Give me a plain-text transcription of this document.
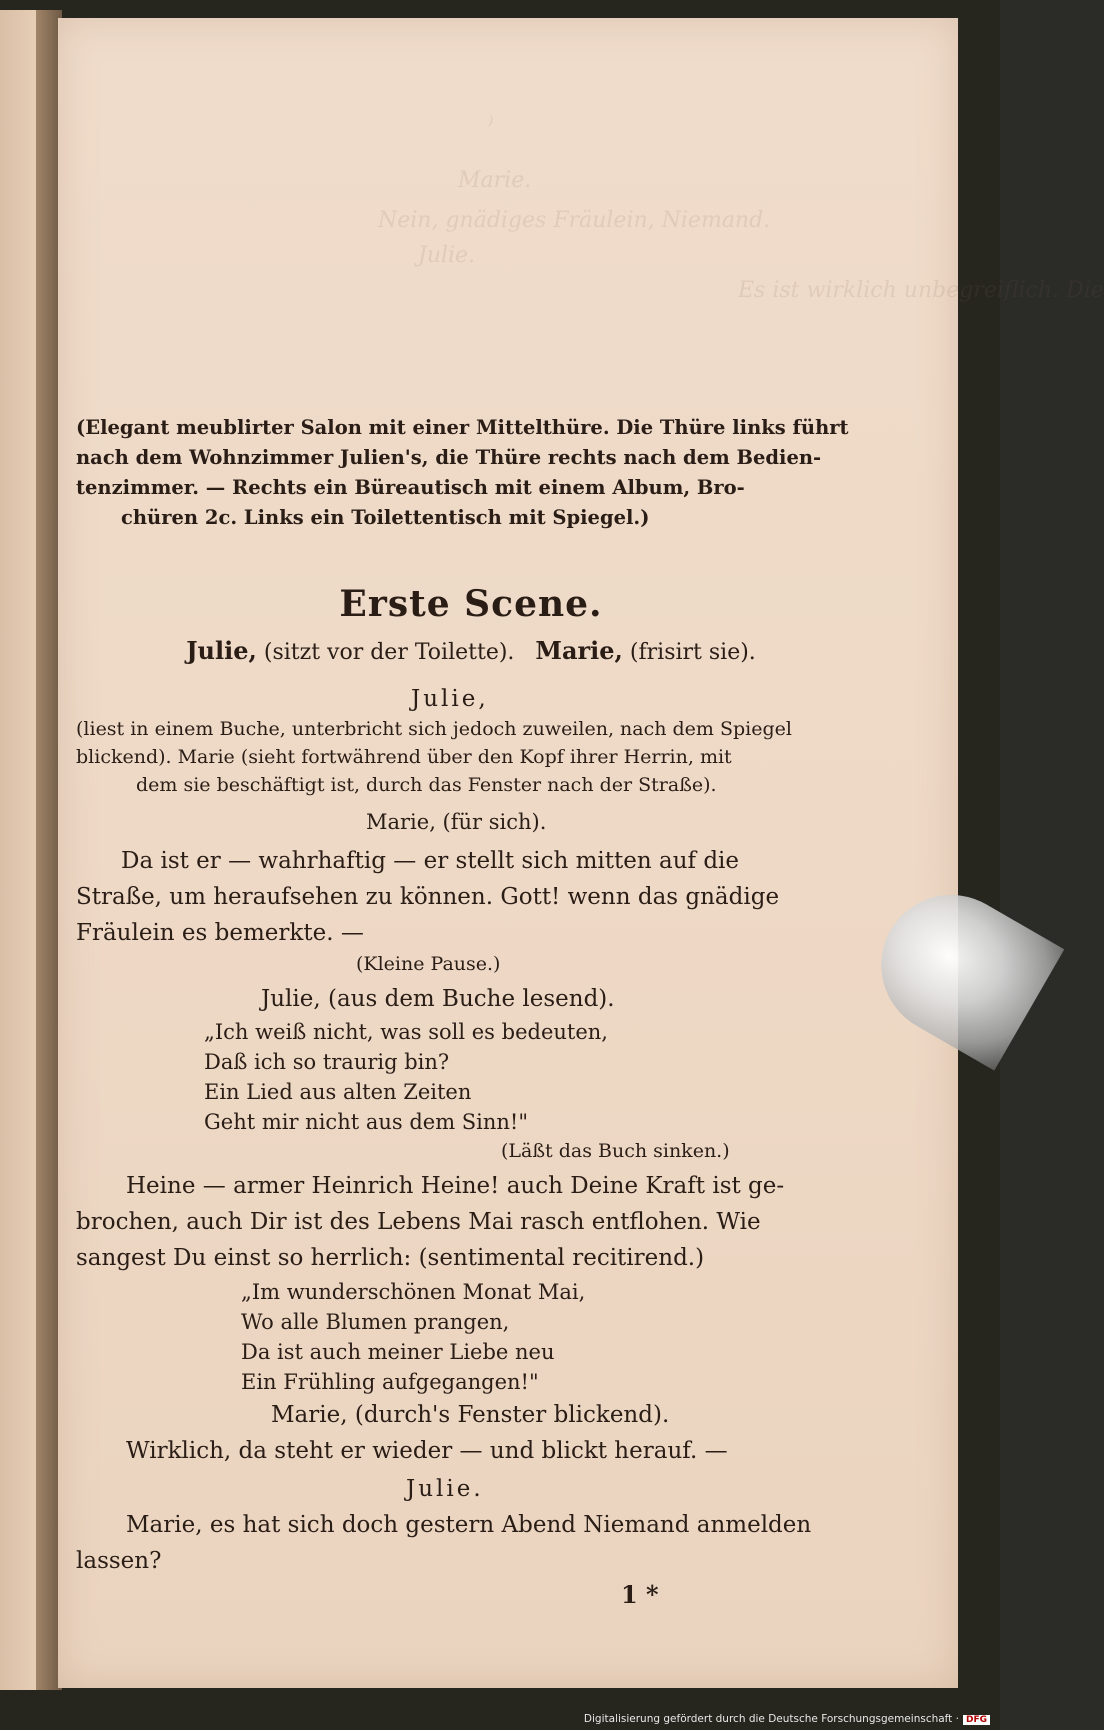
⁾
Marie.
Nein, gnädiges Fräulein, Niemand.
Julie.
Es ist wirklich unbegreiflich. Die
(Elegant meublirter Salon mit einer Mittelthüre. Die Thüre links führt
nach dem Wohnzimmer Julien's, die Thüre rechts nach dem Bedien-
tenzimmer. — Rechts ein Büreautisch mit einem Album, Bro-
chüren 2c. Links ein Toilettentisch mit Spiegel.)
Erste Scene.
Julie, (sitzt vor der Toilette). Marie, (frisirt sie).
Julie,
(liest in einem Buche, unterbricht sich jedoch zuweilen, nach dem Spiegel
blickend). Marie (sieht fortwährend über den Kopf ihrer Herrin, mit
dem sie beschäftigt ist, durch das Fenster nach der Straße).
Marie, (für sich).
Da ist er — wahrhaftig — er stellt sich mitten auf die
Straße, um heraufsehen zu können. Gott! wenn das gnädige
Fräulein es bemerkte. —
(Kleine Pause.)
Julie, (aus dem Buche lesend).
„Ich weiß nicht, was soll es bedeuten,
Daß ich so traurig bin?
Ein Lied aus alten Zeiten
Geht mir nicht aus dem Sinn!"
(Läßt das Buch sinken.)
Heine — armer Heinrich Heine! auch Deine Kraft ist ge-
brochen, auch Dir ist des Lebens Mai rasch entflohen. Wie
sangest Du einst so herrlich: (sentimental recitirend.)
„Im wunderschönen Monat Mai,
Wo alle Blumen prangen,
Da ist auch meiner Liebe neu
Ein Frühling aufgegangen!"
Marie, (durch's Fenster blickend).
Wirklich, da steht er wieder — und blickt herauf. —
Julie.
Marie, es hat sich doch gestern Abend Niemand anmelden
lassen?
1 *
Digitalisierung gefördert durch die Deutsche Forschungsgemeinschaft · DFG
